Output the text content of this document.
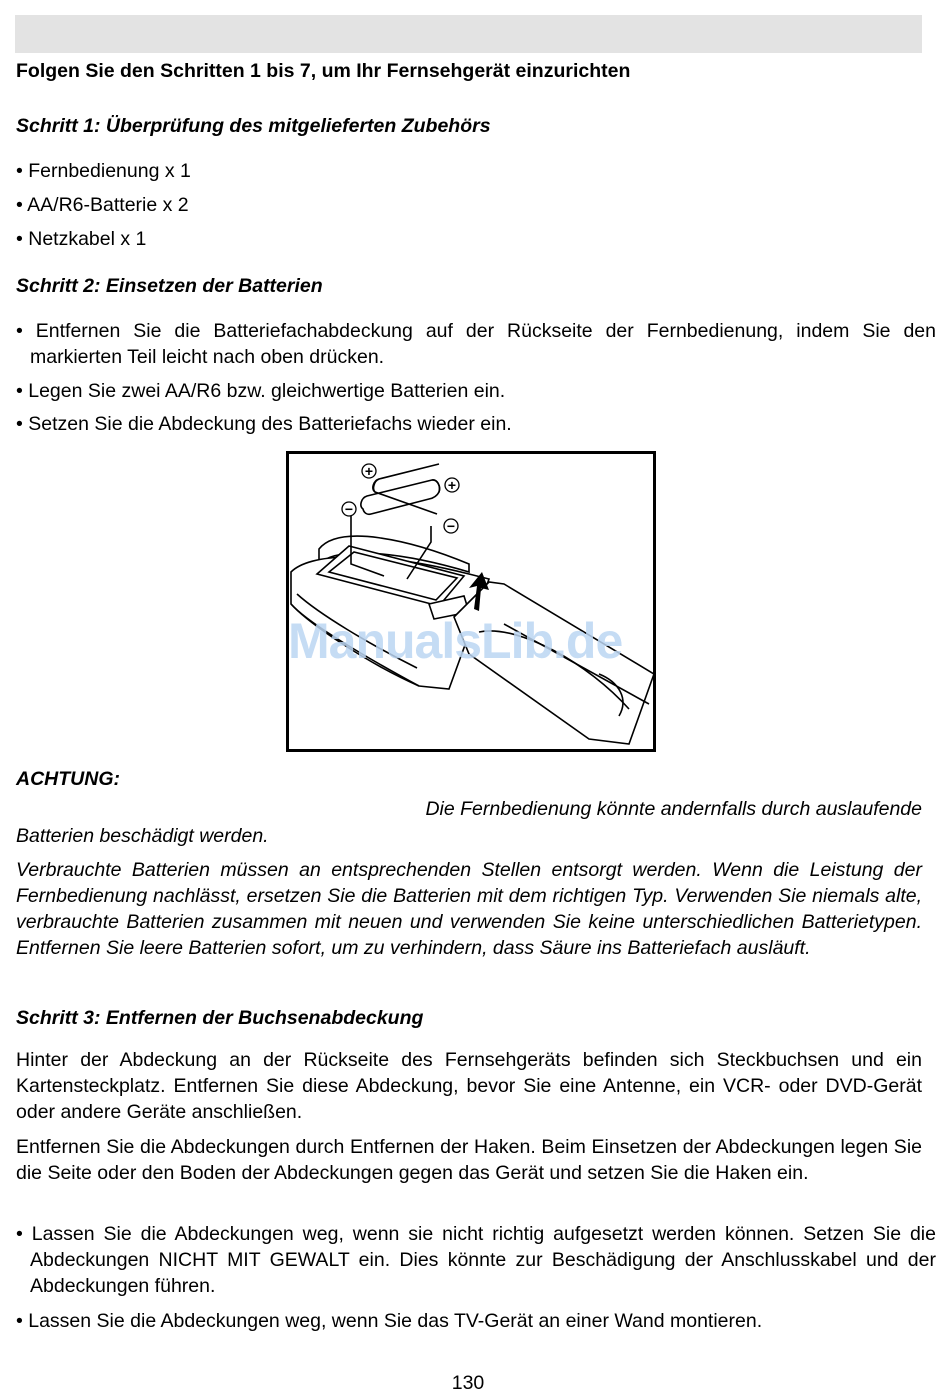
Folgen Sie den Schritten 1 bis 7, um Ihr Fernsehgerät einzurichten
Schritt 1: Überprüfung des mitgelieferten Zubehörs
• Fernbedienung x 1
• AA/R6-Batterie x 2
• Netzkabel x 1
Schritt 2: Einsetzen der Batterien
• Entfernen Sie die Batteriefachabdeckung auf der Rückseite der Fernbedienung, indem Sie den markierten Teil leicht nach oben drücken.
• Legen Sie zwei AA/R6 bzw. gleichwertige Batterien ein.
• Setzen Sie die Abdeckung des Batteriefachs wieder ein.
+
+
−
−
ManualsLib.de
ACHTUNG:
Die Fernbedienung könnte andernfalls durch auslaufende
Batterien beschädigt werden.
Verbrauchte Batterien müssen an entsprechenden Stellen entsorgt werden. Wenn die Leistung der Fernbedienung nachlässt, ersetzen Sie die Batterien mit dem richtigen Typ. Verwenden Sie niemals alte, verbrauchte Batterien zusammen mit neuen und verwenden Sie keine unterschiedlichen Batterietypen. Entfernen Sie leere Batterien sofort, um zu verhindern, dass Säure ins Batteriefach ausläuft.
Schritt 3: Entfernen der Buchsenabdeckung
Hinter der Abdeckung an der Rückseite des Fernsehgeräts befinden sich Steckbuchsen und ein Kartensteckplatz. Entfernen Sie diese Abdeckung, bevor Sie eine Antenne, ein VCR- oder DVD-Gerät oder andere Geräte anschließen.
Entfernen Sie die Abdeckungen durch Entfernen der Haken. Beim Einsetzen der Abdeckungen legen Sie die Seite oder den Boden der Abdeckungen gegen das Gerät und setzen Sie die Haken ein.
• Lassen Sie die Abdeckungen weg, wenn sie nicht richtig aufgesetzt werden können. Setzen Sie die Abdeckungen NICHT MIT GEWALT ein. Dies könnte zur Beschädigung der Anschlusskabel und der Abdeckungen führen.
• Lassen Sie die Abdeckungen weg, wenn Sie das TV-Gerät an einer Wand montieren.
130
